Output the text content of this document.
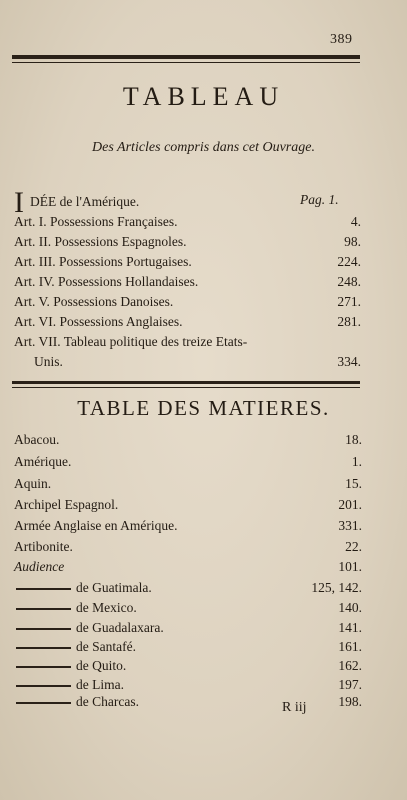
389
TABLEAU
Des Articles compris dans cet Ouvrage.
Pag. 1.
IDÉE de l'Amérique.
Art. I. Possessions Françaises.	4.
Art. II. Possessions Espagnoles.	98.
Art. III. Possessions Portugaises.	224.
Art. IV. Possessions Hollandaises.	248.
Art. V. Possessions Danoises.	271.
Art. VI. Possessions Anglaises.	281.
Art. VII. Tableau politique des treize Etats-
Unis.	334.
TABLE DES MATIERES.
Abacou.	18.
Amérique.	1.
Aquin.	15.
Archipel Espagnol.	201.
Armée Anglaise en Amérique.	331.
Artibonite.	22.
Audience	101.
de Guatimala.	125, 142.
de Mexico.	140.
de Guadalaxara.	141.
de Santafé.	161.
de Quito.	162.
de Lima.	197.
de Charcas.	198.
R iij
